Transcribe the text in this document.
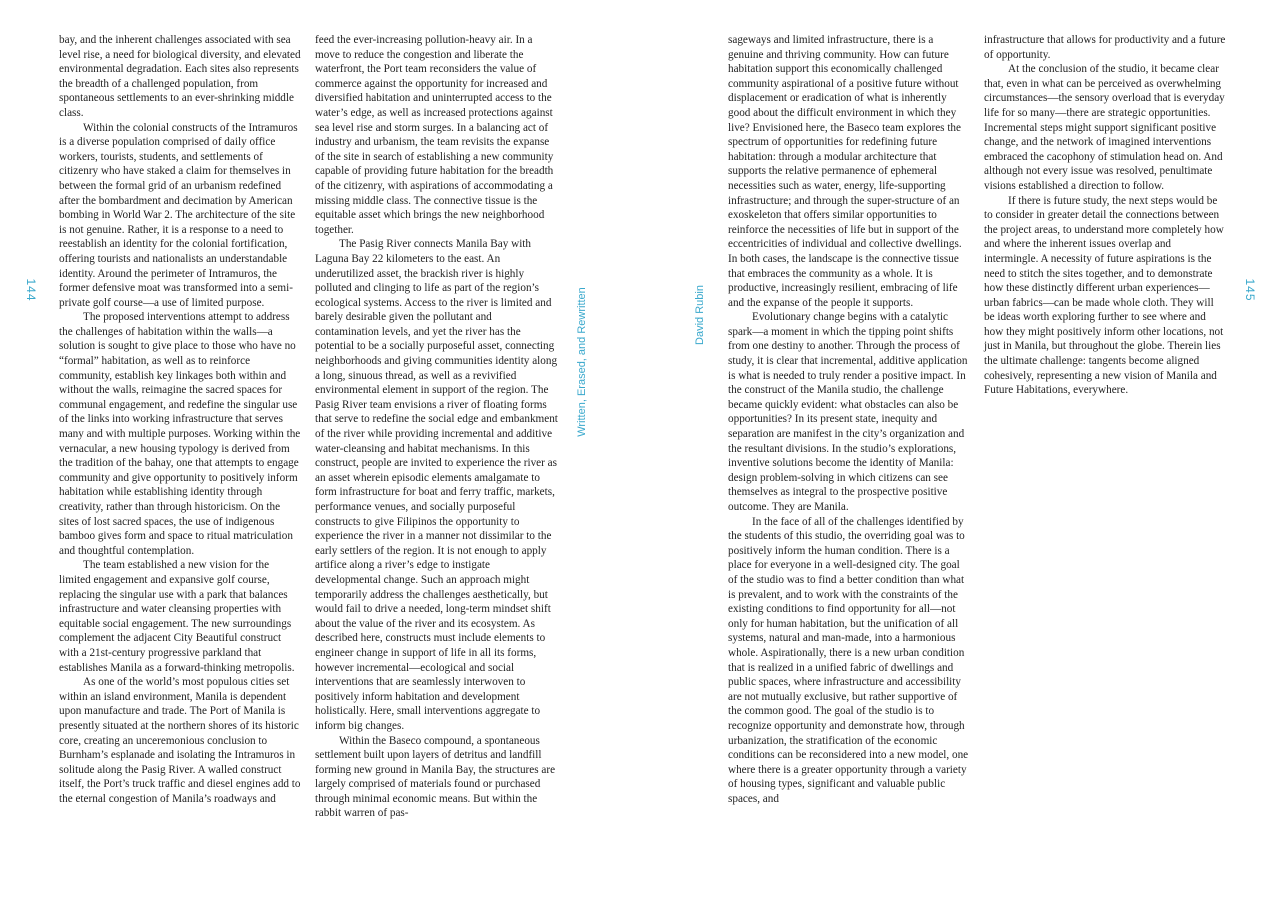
144	145
Written, Erased, and Rewritten	David Rubin

bay, and the inherent challenges associated with sea level rise, a need for biological diversity, and elevated environmental degradation. Each sites also represents the breadth of a challenged population, from spontaneous settlements to an ever-shrinking middle class.

Within the colonial constructs of the Intramuros is a diverse population comprised of daily office workers, tourists, students, and settlements of citizenry who have staked a claim for themselves in between the formal grid of an urbanism redefined after the bombardment and decimation by American bombing in World War 2. The architecture of the site is not genuine. Rather, it is a response to a need to reestablish an identity for the colonial fortification, offering tourists and nationalists an understandable identity. Around the perimeter of Intramuros, the former defensive moat was transformed into a semi-private golf course—a use of limited purpose.

The proposed interventions attempt to address the challenges of habitation within the walls—a solution is sought to give place to those who have no “formal” habitation, as well as to reinforce community, establish key linkages both within and without the walls, reimagine the sacred spaces for communal engagement, and redefine the singular use of the links into working infrastructure that serves many and with multiple purposes. Working within the vernacular, a new housing typology is derived from the tradition of the bahay, one that attempts to engage community and give opportunity to positively inform habitation while establishing identity through creativity, rather than through historicism. On the sites of lost sacred spaces, the use of indigenous bamboo gives form and space to ritual matriculation and thoughtful contemplation.

The team established a new vision for the limited engagement and expansive golf course, replacing the singular use with a park that balances infrastructure and water cleansing properties with equitable social engagement. The new surroundings complement the adjacent City Beautiful construct with a 21st-century progressive parkland that establishes Manila as a forward-thinking metropolis.

As one of the world’s most populous cities set within an island environment, Manila is dependent upon manufacture and trade. The Port of Manila is presently situated at the northern shores of its historic core, creating an unceremonious conclusion to Burnham’s esplanade and isolating the Intramuros in solitude along the Pasig River. A walled construct itself, the Port’s truck traffic and diesel engines add to the eternal congestion of Manila’s roadways and

feed the ever-increasing pollution-heavy air. In a move to reduce the congestion and liberate the waterfront, the Port team reconsiders the value of commerce against the opportunity for increased and diversified habitation and uninterrupted access to the water’s edge, as well as increased protections against sea level rise and storm surges. In a balancing act of industry and urbanism, the team revisits the expanse of the site in search of establishing a new community capable of providing future habitation for the breadth of the citizenry, with aspirations of accommodating a missing middle class. The connective tissue is the equitable asset which brings the new neighborhood together.

The Pasig River connects Manila Bay with Laguna Bay 22 kilometers to the east. An underutilized asset, the brackish river is highly polluted and clinging to life as part of the region’s ecological systems. Access to the river is limited and barely desirable given the pollutant and contamination levels, and yet the river has the potential to be a socially purposeful asset, connecting neighborhoods and giving communities identity along a long, sinuous thread, as well as a revivified environmental element in support of the region. The Pasig River team envisions a river of floating forms that serve to redefine the social edge and embankment of the river while providing incremental and additive water-cleansing and habitat mechanisms. In this construct, people are invited to experience the river as an asset wherein episodic elements amalgamate to form infrastructure for boat and ferry traffic, markets, performance venues, and socially purposeful constructs to give Filipinos the opportunity to experience the river in a manner not dissimilar to the early settlers of the region. It is not enough to apply artifice along a river’s edge to instigate developmental change. Such an approach might temporarily address the challenges aesthetically, but would fail to drive a needed, long-term mindset shift about the value of the river and its ecosystem. As described here, constructs must include elements to engineer change in support of life in all its forms, however incremental—ecological and social interventions that are seamlessly interwoven to positively inform habitation and development holistically. Here, small interventions aggregate to inform big changes.

Within the Baseco compound, a spontaneous settlement built upon layers of detritus and landfill forming new ground in Manila Bay, the structures are largely comprised of materials found or purchased through minimal economic means. But within the rabbit warren of pas-

sageways and limited infrastructure, there is a genuine and thriving community. How can future habitation support this economically challenged community aspirational of a positive future without displacement or eradication of what is inherently good about the difficult environment in which they live? Envisioned here, the Baseco team explores the spectrum of opportunities for redefining future habitation: through a modular architecture that supports the relative permanence of ephemeral necessities such as water, energy, life-supporting infrastructure; and through the super-structure of an exoskeleton that offers similar opportunities to reinforce the necessities of life but in support of the eccentricities of individual and collective dwellings. In both cases, the landscape is the connective tissue that embraces the community as a whole. It is productive, increasingly resilient, embracing of life and the expanse of the people it supports.

Evolutionary change begins with a catalytic spark—a moment in which the tipping point shifts from one destiny to another. Through the process of study, it is clear that incremental, additive application is what is needed to truly render a positive impact. In the construct of the Manila studio, the challenge became quickly evident: what obstacles can also be opportunities? In its present state, inequity and separation are manifest in the city’s organization and the resultant divisions. In the studio’s explorations, inventive solutions become the identity of Manila: design problem-solving in which citizens can see themselves as integral to the prospective positive outcome. They are Manila.

In the face of all of the challenges identified by the students of this studio, the overriding goal was to positively inform the human condition. There is a place for everyone in a well-designed city. The goal of the studio was to find a better condition than what is prevalent, and to work with the constraints of the existing conditions to find opportunity for all—not only for human habitation, but the unification of all systems, natural and man-made, into a harmonious whole. Aspirationally, there is a new urban condition that is realized in a unified fabric of dwellings and public spaces, where infrastructure and accessibility are not mutually exclusive, but rather supportive of the common good. The goal of the studio is to recognize opportunity and demonstrate how, through urbanization, the stratification of the economic conditions can be reconsidered into a new model, one where there is a greater opportunity through a variety of housing types, significant and valuable public spaces, and

infrastructure that allows for productivity and a future of opportunity.

At the conclusion of the studio, it became clear that, even in what can be perceived as overwhelming circumstances—the sensory overload that is everyday life for so many—there are strategic opportunities. Incremental steps might support significant positive change, and the network of imagined interventions embraced the cacophony of stimulation head on. And although not every issue was resolved, penultimate visions established a direction to follow.

If there is future study, the next steps would be to consider in greater detail the connections between the project areas, to understand more completely how and where the inherent issues overlap and intermingle. A necessity of future aspirations is the need to stitch the sites together, and to demonstrate how these distinctly different urban experiences—urban fabrics—can be made whole cloth. They will be ideas worth exploring further to see where and how they might positively inform other locations, not just in Manila, but throughout the globe. Therein lies the ultimate challenge: tangents become aligned cohesively, representing a new vision of Manila and Future Habitations, everywhere.
